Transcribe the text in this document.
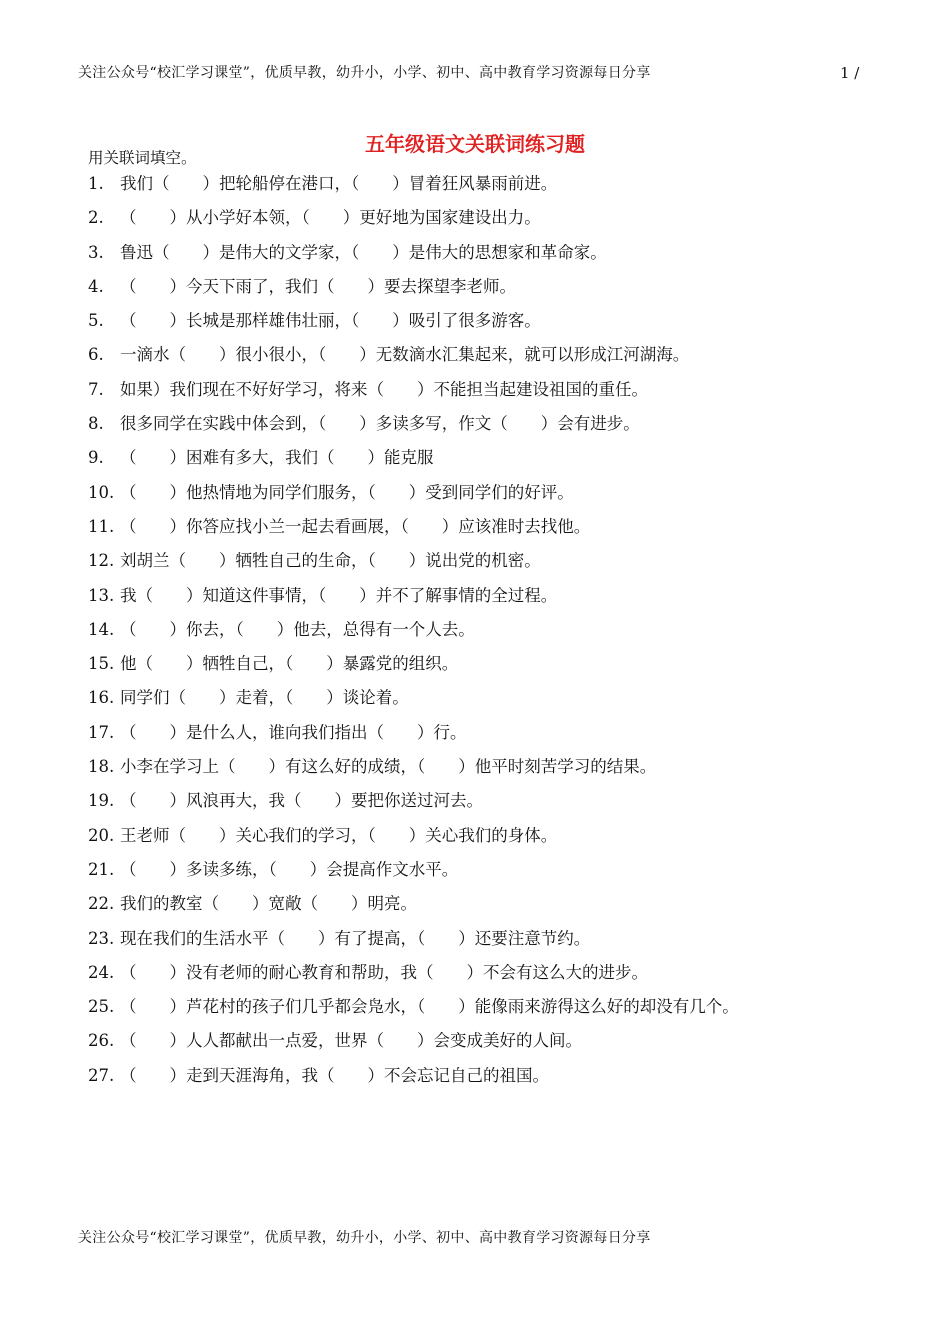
关注公众号“校汇学习课堂”，优质早教，幼升小，小学、初中、高中教育学习资源每日分享	1 /
五年级语文关联词练习题
用关联词填空。
1. 我们（　　）把轮船停在港口，（　　）冒着狂风暴雨前进。
2. （　　）从小学好本领，（　　）更好地为国家建设出力。
3. 鲁迅（　　）是伟大的文学家，（　　）是伟大的思想家和革命家。
4. （　　）今天下雨了，我们（　　）要去探望李老师。
5. （　　）长城是那样雄伟壮丽，（　　）吸引了很多游客。
6. 一滴水（　　）很小很小，（　　）无数滴水汇集起来，就可以形成江河湖海。
7. 如果）我们现在不好好学习，将来（　　）不能担当起建设祖国的重任。
8. 很多同学在实践中体会到，（　　）多读多写，作文（　　）会有进步。
9. （　　）困难有多大，我们（　　）能克服
10. （　　）他热情地为同学们服务，（　　）受到同学们的好评。
11. （　　）你答应找小兰一起去看画展，（　　）应该准时去找他。
12. 刘胡兰（　　）牺牲自己的生命，（　　）说出党的机密。
13. 我（　　）知道这件事情，（　　）并不了解事情的全过程。
14. （　　）你去，（　　）他去，总得有一个人去。
15. 他（　　）牺牲自己，（　　）暴露党的组织。
16. 同学们（　　）走着，（　　）谈论着。
17. （　　）是什么人，谁向我们指出（　　）行。
18. 小李在学习上（　　）有这么好的成绩，（　　）他平时刻苦学习的结果。
19. （　　）风浪再大，我（　　）要把你送过河去。
20. 王老师（　　）关心我们的学习，（　　）关心我们的身体。
21. （　　）多读多练，（　　）会提高作文水平。
22. 我们的教室（　　）宽敞（　　）明亮。
23. 现在我们的生活水平（　　）有了提高，（　　）还要注意节约。
24. （　　）没有老师的耐心教育和帮助，我（　　）不会有这么大的进步。
25. （　　）芦花村的孩子们几乎都会凫水，（　　）能像雨来游得这么好的却没有几个。
26. （　　）人人都献出一点爱，世界（　　）会变成美好的人间。
27. （　　）走到天涯海角，我（　　）不会忘记自己的祖国。
关注公众号“校汇学习课堂”，优质早教，幼升小，小学、初中、高中教育学习资源每日分享
